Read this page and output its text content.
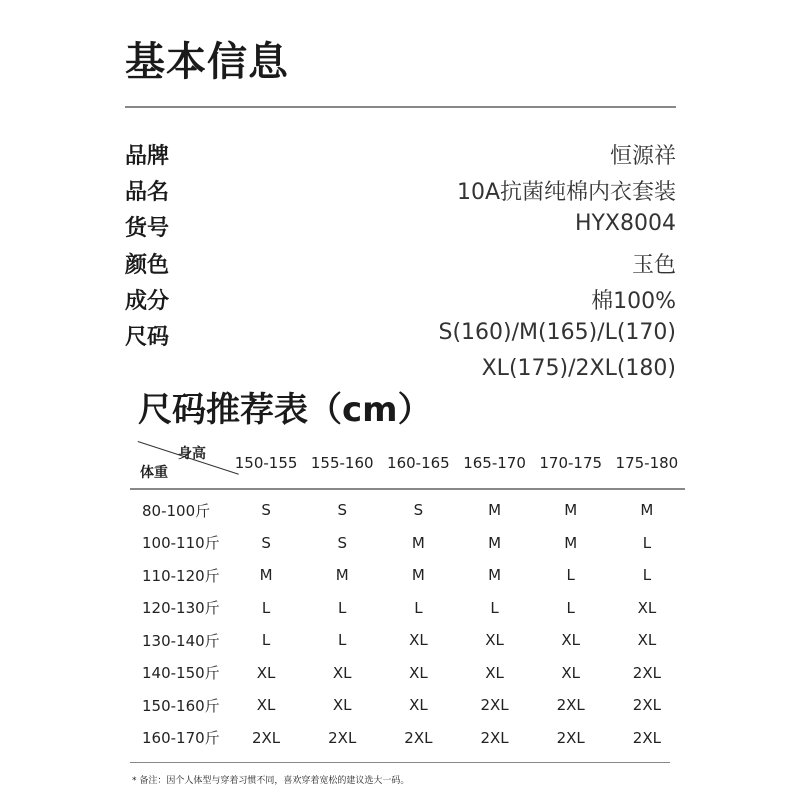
基本信息
品牌	恒源祥
品名	10A抗菌纯棉内衣套装
货号	HYX8004
颜色	玉色
成分	棉100%
尺码	S(160)/M(165)/L(170)
XL(175)/2XL(180)
尺码推荐表（cm）
身高
体重	150-155	155-160	160-165	165-170	170-175	175-180
80-100斤	S	S	S	M	M	M
100-110斤	S	S	M	M	M	L
110-120斤	M	M	M	M	L	L
120-130斤	L	L	L	L	L	XL
130-140斤	L	L	XL	XL	XL	XL
140-150斤	XL	XL	XL	XL	XL	2XL
150-160斤	XL	XL	XL	2XL	2XL	2XL
160-170斤	2XL	2XL	2XL	2XL	2XL	2XL
* 备注：因个人体型与穿着习惯不同，喜欢穿着宽松的建议选大一码。
